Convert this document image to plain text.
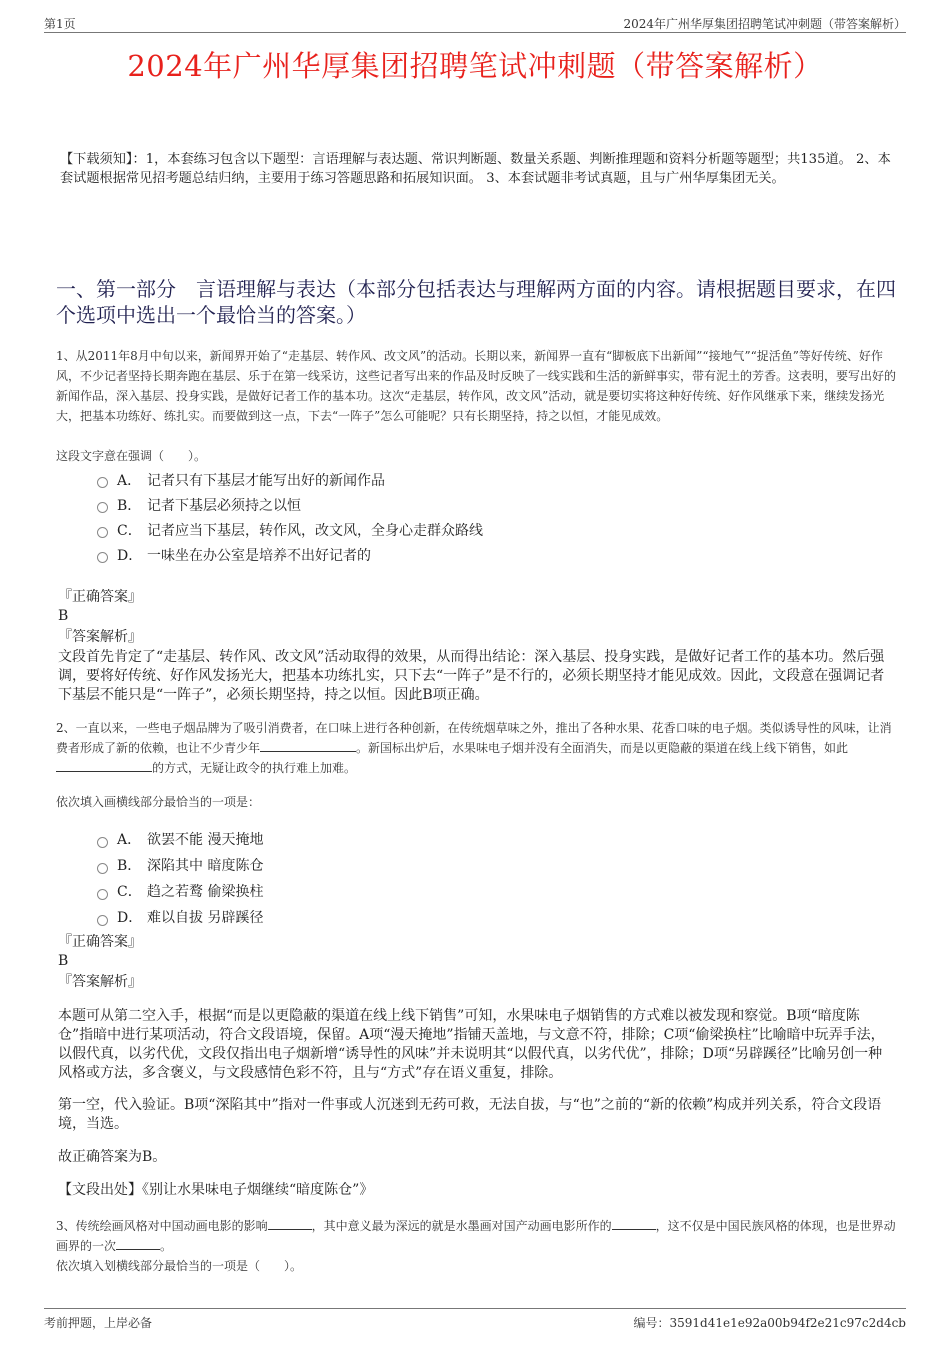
第1页	2024年广州华厚集团招聘笔试冲刺题（带答案解析）
2024年广州华厚集团招聘笔试冲刺题（带答案解析）
【下载须知】：1，本套练习包含以下题型：言语理解与表达题、常识判断题、数量关系题、判断推理题和资料分析题等题型；共135道。 2、本套试题根据常见招考题总结归纳，主要用于练习答题思路和拓展知识面。 3、本套试题非考试真题，且与广州华厚集团无关。
一、第一部分　言语理解与表达（本部分包括表达与理解两方面的内容。请根据题目要求，在四个选项中选出一个最恰当的答案。）
1、从2011年8月中旬以来，新闻界开始了“走基层、转作风、改文风”的活动。长期以来，新闻界一直有“脚板底下出新闻”“接地气”“捉活鱼”等好传统、好作风，不少记者坚持长期奔跑在基层、乐于在第一线采访，这些记者写出来的作品及时反映了一线实践和生活的新鲜事实，带有泥土的芳香。这表明，要写出好的新闻作品，深入基层、投身实践，是做好记者工作的基本功。这次“走基层，转作风，改文风”活动，就是要切实将这种好传统、好作风继承下来，继续发扬光大，把基本功练好、练扎实。而要做到这一点，下去“一阵子”怎么可能呢？只有长期坚持，持之以恒，才能见成效。
这段文字意在强调（　　）。
A． 记者只有下基层才能写出好的新闻作品
B． 记者下基层必须持之以恒
C． 记者应当下基层，转作风，改文风，全身心走群众路线
D． 一味坐在办公室是培养不出好记者的
『正确答案』
B
『答案解析』
文段首先肯定了“走基层、转作风、改文风”活动取得的效果，从而得出结论：深入基层、投身实践，是做好记者工作的基本功。然后强调，要将好传统、好作风发扬光大，把基本功练扎实，只下去“一阵子”是不行的，必须长期坚持才能见成效。因此，文段意在强调记者下基层不能只是“一阵子”，必须长期坚持，持之以恒。因此B项正确。
2、一直以来，一些电子烟品牌为了吸引消费者，在口味上进行各种创新，在传统烟草味之外，推出了各种水果、花香口味的电子烟。类似诱导性的风味，让消费者形成了新的依赖，也让不少青少年	。新国标出炉后，水果味电子烟并没有全面消失，而是以更隐蔽的渠道在线上线下销售，如此的方式，无疑让政令的执行难上加难。
依次填入画横线部分最恰当的一项是：
A． 欲罢不能 漫天掩地
B． 深陷其中 暗度陈仓
C． 趋之若鹜 偷梁换柱
D． 难以自拔 另辟蹊径
『正确答案』
B
『答案解析』
本题可从第二空入手，根据“而是以更隐蔽的渠道在线上线下销售”可知，水果味电子烟销售的方式难以被发现和察觉。B项“暗度陈仓”指暗中进行某项活动，符合文段语境，保留。A项“漫天掩地”指铺天盖地，与文意不符，排除；C项“偷梁换柱”比喻暗中玩弄手法，以假代真，以劣代优，文段仅指出电子烟新增“诱导性的风味”并未说明其“以假代真，以劣代优”，排除；D项“另辟蹊径”比喻另创一种风格或方法，多含褒义，与文段感情色彩不符，且与“方式”存在语义重复，排除。
第一空，代入验证。B项“深陷其中”指对一件事或人沉迷到无药可救，无法自拔，与“也”之前的“新的依赖”构成并列关系，符合文段语境，当选。
故正确答案为B。
【文段出处】《别让水果味电子烟继续“暗度陈仓”》
3、传统绘画风格对中国动画电影的影响	，其中意义最为深远的就是水墨画对国产动画电影所作的	，这不仅是中国民族风格的体现，也是世界动画界的一次	。
依次填入划横线部分最恰当的一项是（　　）。
考前押题，上岸必备	编号：3591d41e1e92a00b94f2e21c97c2d4cb
